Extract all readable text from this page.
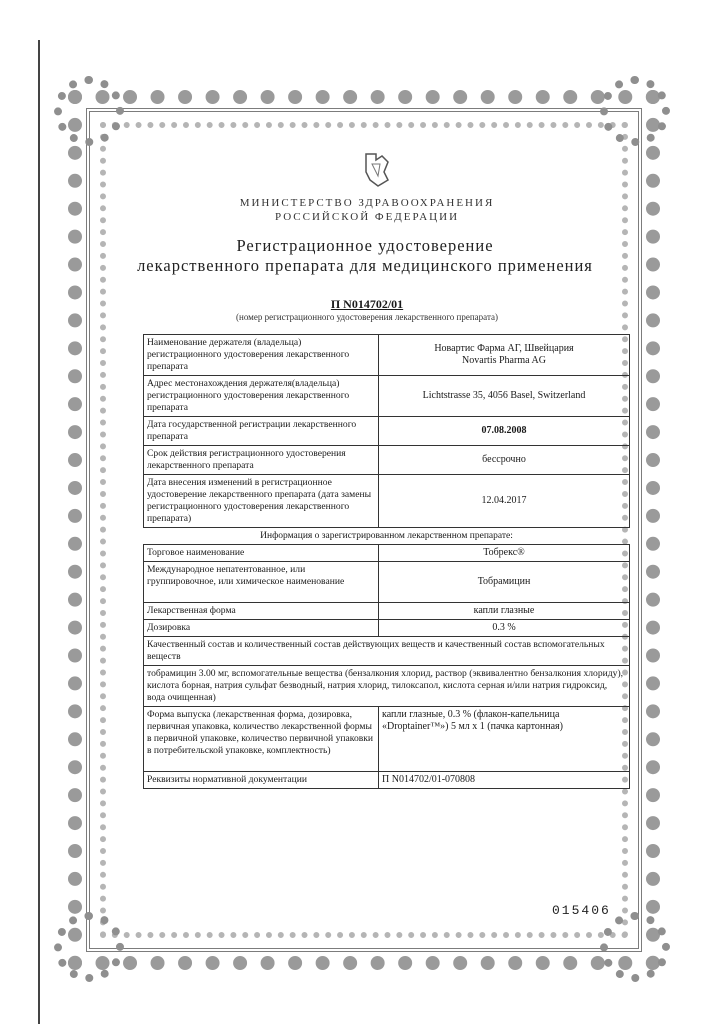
МИНИСТЕРСТВО ЗДРАВООХРАНЕНИЯ
РОССИЙСКОЙ ФЕДЕРАЦИИ
Регистрационное удостоверение
лекарственного препарата для медицинского применения
П N014702/01
(номер регистрационного удостоверения лекарственного препарата)
Наименование держателя (владельца) регистрационного удостоверения лекарственного препарата	Новартис Фарма АГ, Швейцария
Novartis Pharma AG

Адрес местонахождения держателя(владельца) регистрационного удостоверения лекарственного препарата	Lichtstrasse 35, 4056 Basel, Switzerland
Дата государственной регистрации лекарственного препарата	07.08.2008
Срок действия регистрационного удостоверения лекарственного препарата	бессрочно
Дата внесения изменений в регистрационное удостоверение лекарственного препарата (дата замены регистрационного удостоверения лекарственного препарата)	12.04.2017
Информация о зарегистрированном лекарственном препарате:	
Торговое наименование	Тобрекс®
Международное непатентованное, или группировочное, или химическое наименование	Тобрамицин
Лекарственная форма	капли глазные
Дозировка	0.3 %
Качественный состав и количественный состав действующих веществ и качественный состав вспомогательных веществ	
тобрамицин 3.00 мг, вспомогательные вещества (бензалкония хлорид, раствор (эквивалентно бензалкония хлориду), кислота борная, натрия сульфат безводный, натрия хлорид, тилоксапол, кислота серная и/или натрия гидроксид, вода очищенная)	
Форма выпуска (лекарственная форма, дозировка, первичная упаковка, количество лекарственной формы в первичной упаковке, количество первичной упаковки в потребительской упаковке, комплектность)	капли глазные, 0.3 % (флакон-капельница «Droptainer™») 5 мл х 1 (пачка картонная)
Реквизиты нормативной документации	П N014702/01-070808
015406
